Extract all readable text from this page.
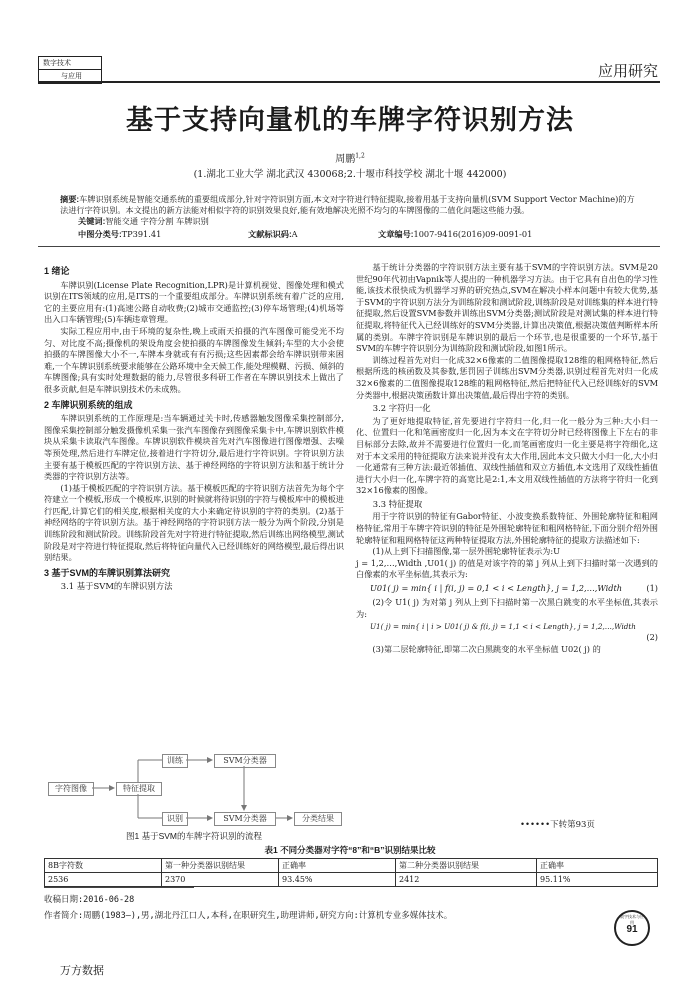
数字技术
与应用	应用研究
基于支持向量机的车牌字符识别方法
周鹏$^{1,2}$
(1.湖北工业大学 湖北武汉 430068;2.十堰市科技学校 湖北十堰 442000)
摘要:车牌识别系统是智能交通系统的重要组成部分,针对字符识别方面,本文对字符进行特征提取,接着用基于支持向量机(SVM Support Vector Machine)的方法进行字符识别。本文提出的新方法能对相似字符的识别效果良好,能有效地解决光照不均匀的车牌图像的二值化问题这些能力强。
关键词:智能交通 字符分割 车牌识别
中图分类号:TP391.41	文献标识码:A	文章编号:1007-9416(2016)09-0091-01
1 绪论

车牌识别(License Plate Recognition,LPR)是计算机视觉、图像处理和模式识别在ITS领域的应用,是ITS的一个重要组成部分。车牌识别系统有着广泛的应用,它的主要应用有:(1)高速公路自动收费;(2)城市交通监控;(3)停车场管理;(4)机场等出入口车辆管理;(5)车辆违章管理。

实际工程应用中,由于环境的复杂性,晚上或雨天拍摄的汽车图像可能受光不均匀、对比度不高;摄像机的架设角度会使拍摄的车牌图像发生倾斜;车型的大小会使拍摄的车牌图像大小不一,车牌本身就或有有污损;这些因素都会给车牌识别带来困难,一个车牌识别系统要求能够在公路环境中全天候工作,能处理模糊、污损、倾斜的车牌图像;具有实时处理数据的能力,尽管很多科研工作者在车牌识别技术上做出了很多贡献,但是车牌识别技术仍未成熟。

2 车牌识别系统的组成

车牌识别系统的工作原理是:当车辆通过关卡时,传感器触发图像采集控制部分,图像采集控制部分触发摄像机采集一张汽车图像存到图像采集卡中,车牌识别软件模块从采集卡读取汽车图像。车牌识别软件模块首先对汽车图像进行图像增强、去噪等预处理,然后进行车牌定位,接着进行字符切分,最后进行字符识别。字符识别方法主要有基于模板匹配的字符识别方法、基于神经网络的字符识别方法和基于统计分类器的字符识别方法等。

(1)基于模板匹配的字符识别方法。基于模板匹配的字符识别方法首先为每个字符建立一个模板,形成一个模板库,识别的时候就将待识别的字符与模板库中的模板进行匹配,计算它们的相关度,根据相关度的大小来确定待识别的字符的类别。(2)基于神经网络的字符识别方法。基于神经网络的字符识别方法一般分为两个阶段,分别是训练阶段和测试阶段。训练阶段首先对字符进行特征提取,然后训练出网络模型,测试阶段是对字符进行特征提取,然后将特征向量代入已经训练好的网络模型,最后得出识别结果。

3 基于SVM的车牌识别算法研究
3.1 基于SVM的车牌识别方法
训练	SVM分类器
字符图像	特征提取
识别	SVM分类器	分类结果
图1 基于SVM的车牌字符识别的流程

基于统计分类器的字符识别方法主要有基于SVM的字符识别方法。SVM是20世纪90年代初由Vapnik等人提出的一种机器学习方法。由于它具有自出色的学习性能,该技术很快成为机器学习界的研究热点,SVM在解决小样本问题中有较大优势,基于SVM的字符识别方法分为训练阶段和测试阶段,训练阶段是对训练集的样本进行特征提取,然后设置SVM参数并训练出SVM分类器;测试阶段是对测试集的样本进行特征提取,将特征代入已经训练好的SVM分类器,计算出决策值,根据决策值判断样本所属的类别。车牌字符识别是车牌识别的最后一个环节,也是很重要的一个环节,基于SVM的车牌字符识别分为训练阶段和测试阶段,如图1所示。

训练过程首先对归一化成32×6像素的二值图像提取128维的粗网格特征,然后根据所选的核函数及其参数,惩罚因子训练出SVM分类器,识别过程首先对归一化成32×6像素的二值图像提取128维的粗网格特征,然后把特征代入已经训练好的SVM分类器中,根据决策函数计算出决策值,最后得出字符的类别。

3.2 字符归一化

为了更好地提取特征,首先要进行字符归一化,归一化一般分为三种:大小归一化、位置归一化和笔画密度归一化,因为本文在字符切分时已经将图像上下左右的非目标部分去除,故并不需要进行位置归一化,而笔画密度归一化主要是将字符细化,这对于本文采用的特征提取方法来说并没有太大作用,因此本文只做大小归一化,大小归一化通常有三种方法:最近邻插值、双线性插值和双立方插值,本文选用了双线性插值进行大小归一化,车牌字符的高宽比是2:1,本文用双线性插值的方法将字符归一化到32×16像素的图像。

3.3 特征提取

用于字符识别的特征有Gabor特征、小波变换系数特征、外围轮廓特征和粗网格特征,常用于车牌字符识别的特征是外围轮廓特征和粗网格特征,下面分别介绍外围轮廓特征和粗网格特征这两种特征提取方法,外围轮廓特征的提取方法描述如下:

(1)从上到下扫描图像,第一层外围轮廓特征表示为:U

j = 1,2,…,Width ,U01( j) 的值是对该字符的第 j 列从上到下扫描时第一次遇到的白像素的水平坐标值,其表示为:

U01( j) = min{ i | f(i, j) = 0,1 < i < Length}, j = 1,2,…,Width	(1)

(2)令 U1( j) 为对第 j 列从上到下扫描时第一次黑白跳变的水平坐标值,其表示为:

U1( j) = min{ i | i > U01( j) & f(i, j) = 1,1 < i < Length}, j = 1,2,…,Width
(2)

(3)第二层轮廓特征,即第二次白黑跳变的水平坐标值 U02( j) 的

••••••下转第93页
表1 不同分类器对字符“8”和“B”识别结果比较
8B字符数	第一种分类器识别结果	正确率	第二种分类器识别结果	正确率
2536	2370	93.45%	2412	95.11%
收稿日期:2016-06-28
作者简介:周鹏(1983—),男,湖北丹江口人,本科,在职研究生,助理讲师,研究方向:计算机专业多媒体技术。	数字技术与应用
91
万方数据
